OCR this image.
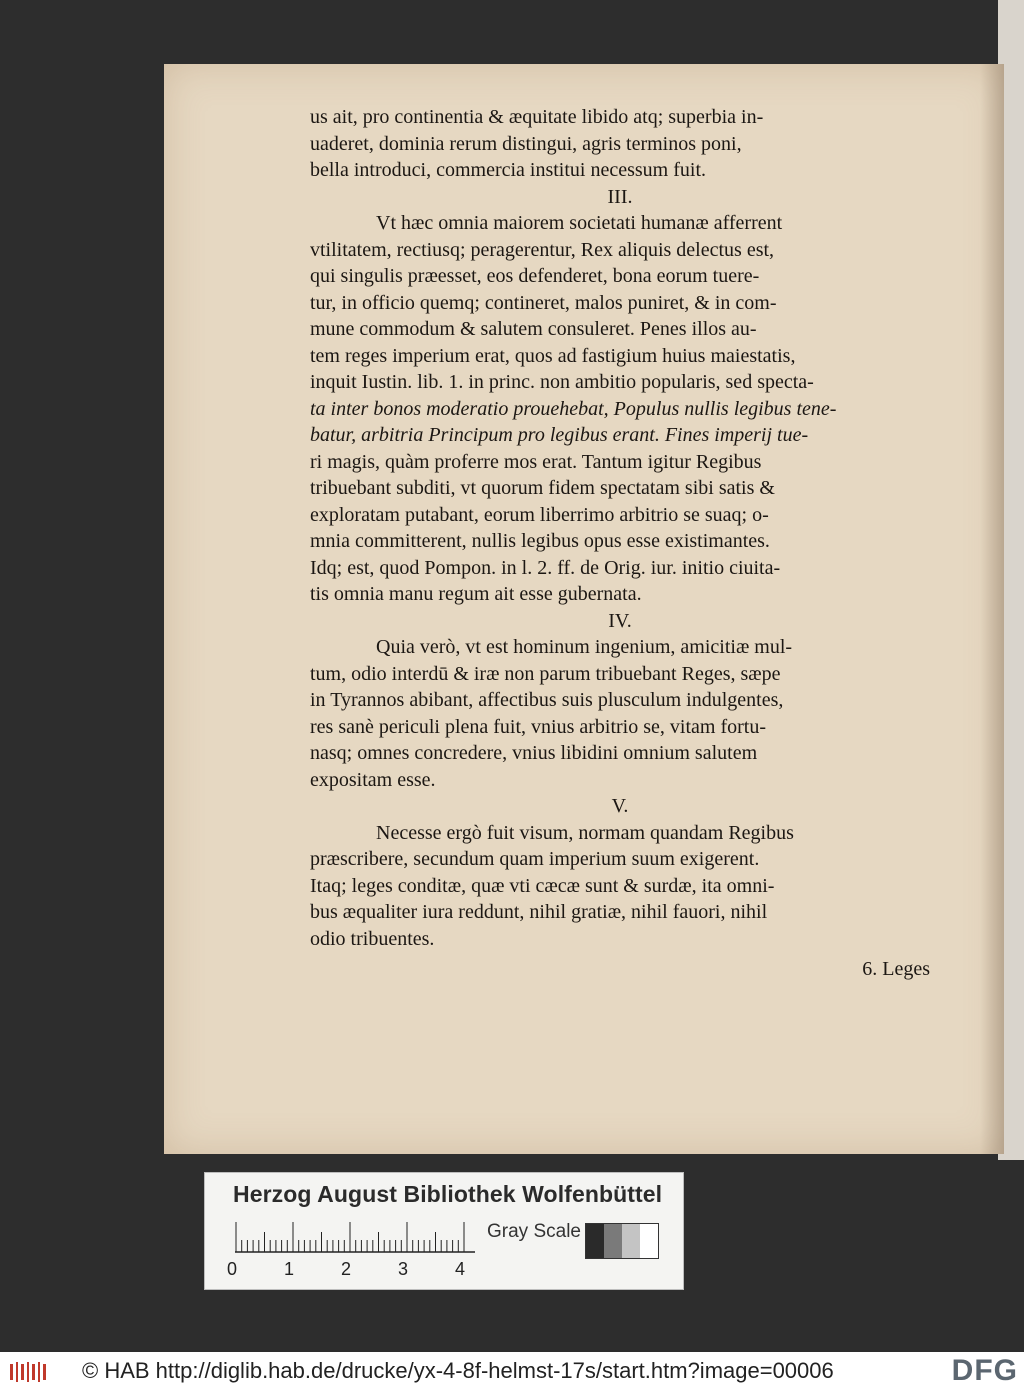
us ait, pro continentia & æquitate libido atq; superbia in-
uaderet, dominia rerum distingui, agris terminos poni,
bella introduci, commercia institui necessum fuit.
III.
Vt hæc omnia maiorem societati humanæ afferrent
vtilitatem, rectiusq; peragerentur, Rex aliquis delectus est,
qui singulis præesset, eos defenderet, bona eorum tuere-
tur, in officio quemq; contineret, malos puniret, & in com-
mune commodum & salutem consuleret. Penes illos au-
tem reges imperium erat, quos ad fastigium huius maiestatis,
inquit Iustin. lib. 1. in princ. non ambitio popularis, sed specta-
ta inter bonos moderatio prouehebat, Populus nullis legibus tene-
batur, arbitria Principum pro legibus erant. Fines imperij tue-
ri magis, quàm proferre mos erat. Tantum igitur Regibus
tribuebant subditi, vt quorum fidem spectatam sibi satis &
exploratam putabant, eorum liberrimo arbitrio se suaq; o-
mnia committerent, nullis legibus opus esse existimantes.
Idq; est, quod Pompon. in l. 2. ff. de Orig. iur. initio ciuita-
tis omnia manu regum ait esse gubernata.
IV.
Quia verò, vt est hominum ingenium, amicitiæ mul-
tum, odio interdū & iræ non parum tribuebant Reges, sæpe
in Tyrannos abibant, affectibus suis plusculum indulgentes,
res sanè periculi plena fuit, vnius arbitrio se, vitam fortu-
nasq; omnes concredere, vnius libidini omnium salutem
expositam esse.
V.
Necesse ergò fuit visum, normam quandam Regibus
præscribere, secundum quam imperium suum exigerent.
Itaq; leges conditæ, quæ vti cæcæ sunt & surdæ, ita omni-
bus æqualiter iura reddunt, nihil gratiæ, nihil fauori, nihil
odio tribuentes.
6. Leges
Herzog August Bibliothek Wolfenbüttel
0	1	2	3	4
Gray Scale
© HAB http://diglib.hab.de/drucke/yx-4-8f-helmst-17s/start.htm?image=00006	DFG
